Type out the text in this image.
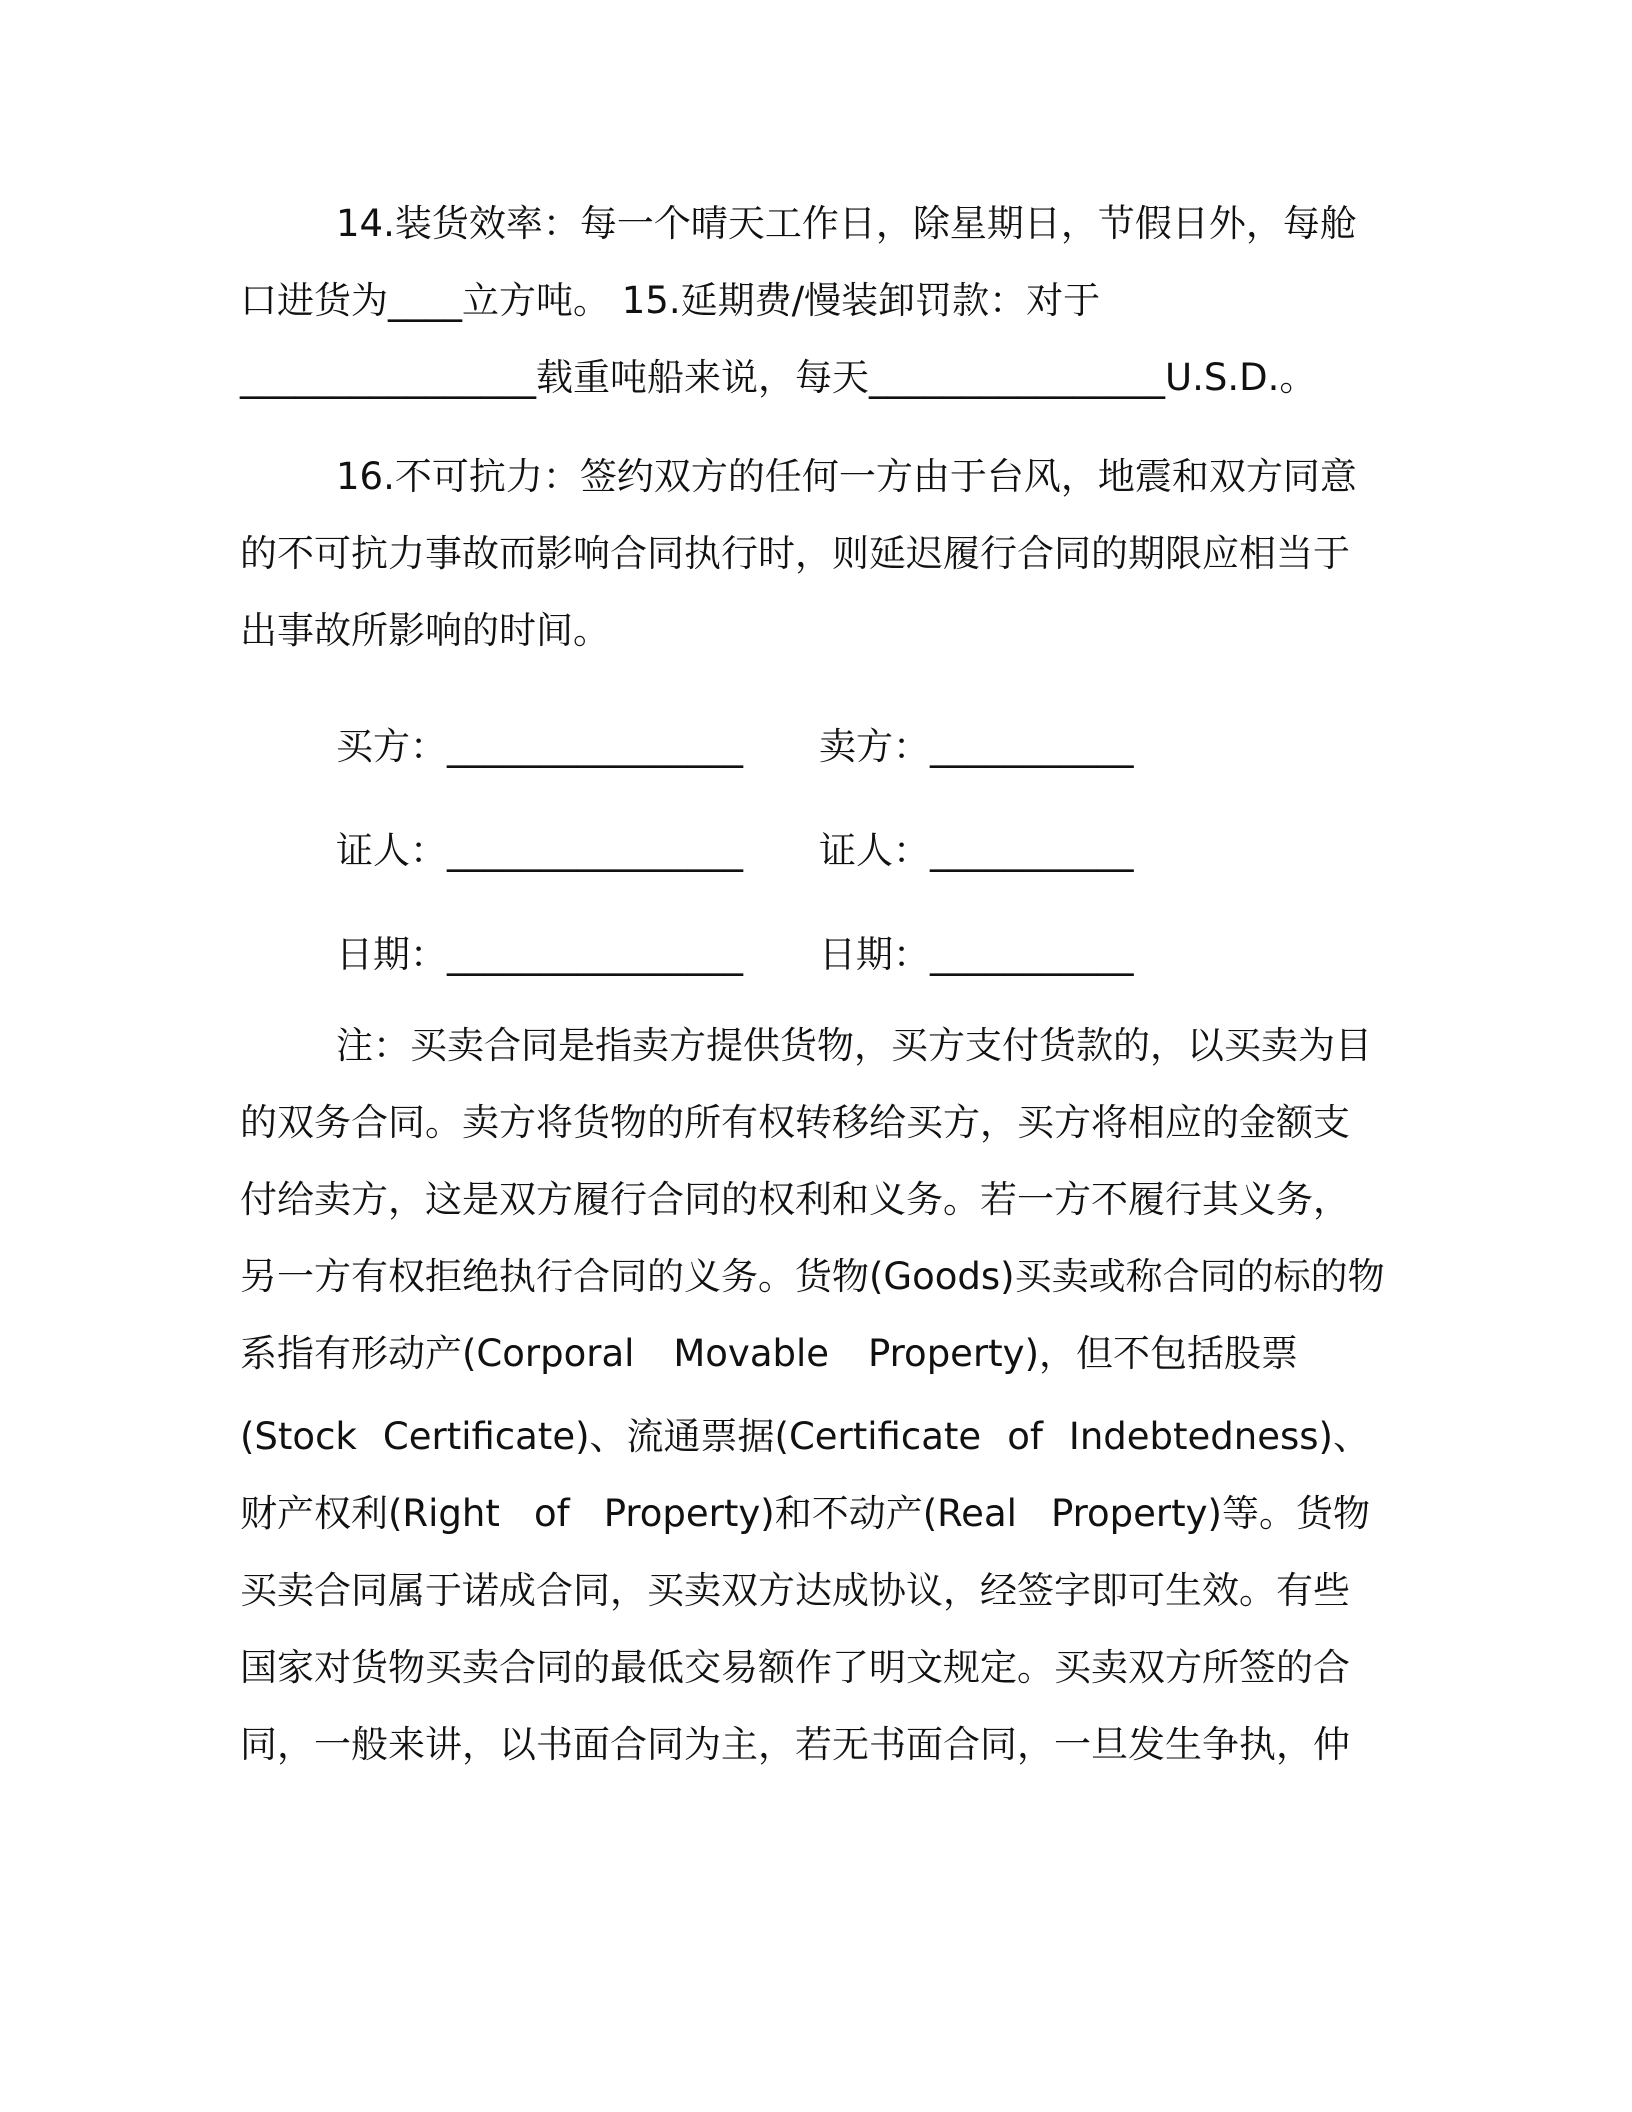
14.装货效率：每一个晴天工作日，除星期日，节假日外，每舱

口进货为____立方吨。 15.延期费/慢装卸罚款：对于

________________载重吨船来说，每天________________U.S.D.。

16.不可抗力：签约双方的任何一方由于台风，地震和双方同意

的不可抗力事故而影响合同执行时，则延迟履行合同的期限应相当于

出事故所影响的时间。

买方：________________	卖方：___________
证人：________________	证人：___________
日期：________________	日期：___________

注：买卖合同是指卖方提供货物，买方支付货款的，以买卖为目

的双务合同。卖方将货物的所有权转移给买方，买方将相应的金额支

付给卖方，这是双方履行合同的权利和义务。若一方不履行其义务，

另一方有权拒绝执行合同的义务。货物(Goods)买卖或称合同的标的物

系指有形动产(Corporal Movable Property)，但不包括股票
(Stock Certificate)、流通票据(Certificate of Indebtedness)、
财产权利(Right of Property)和不动产(Real Property)等。货物

买卖合同属于诺成合同，买卖双方达成协议，经签字即可生效。有些

国家对货物买卖合同的最低交易额作了明文规定。买卖双方所签的合

同，一般来讲，以书面合同为主，若无书面合同，一旦发生争执，仲
